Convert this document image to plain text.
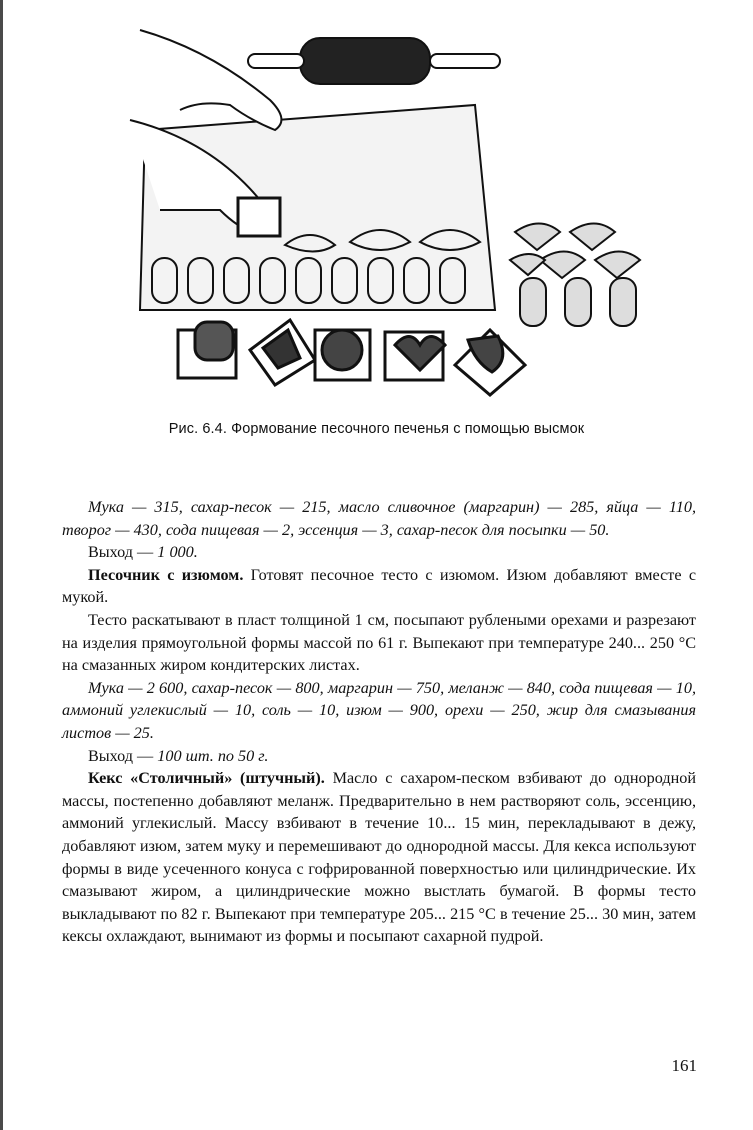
Рис. 6.4. Формование песочного печенья с помощью высмок

Мука — 315, сахар-песок — 215, масло сливочное (маргарин) — 285, яйца — 110, творог — 430, сода пищевая — 2, эссенция — 3, сахар-песок для посыпки — 50.

Выход — 1 000.

Песочник с изюмом. Готовят песочное тесто с изюмом. Изюм добавляют вместе с мукой.

Тесто раскатывают в пласт толщиной 1 см, посыпают рублеными орехами и разрезают на изделия прямоугольной формы массой по 61 г. Выпекают при температуре 240... 250 °С на смазанных жиром кондитерских листах.

Мука — 2 600, сахар-песок — 800, маргарин — 750, меланж — 840, сода пищевая — 10, аммоний углекислый — 10, соль — 10, изюм — 900, орехи — 250, жир для смазывания листов — 25.

Выход — 100 шт. по 50 г.

Кекс «Столичный» (штучный). Масло с сахаром-песком взбивают до однородной массы, постепенно добавляют меланж. Предварительно в нем растворяют соль, эссенцию, аммоний углекислый. Массу взбивают в течение 10... 15 мин, перекладывают в дежу, добавляют изюм, затем муку и перемешивают до однородной массы. Для кекса используют формы в виде усеченного конуса с гофрированной поверхностью или цилиндрические. Их смазывают жиром, а цилиндрические можно выстлать бумагой. В формы тесто выкладывают по 82 г. Выпекают при температуре 205... 215 °С в течение 25... 30 мин, затем кексы охлаждают, вынимают из формы и посыпают сахарной пудрой.

161
